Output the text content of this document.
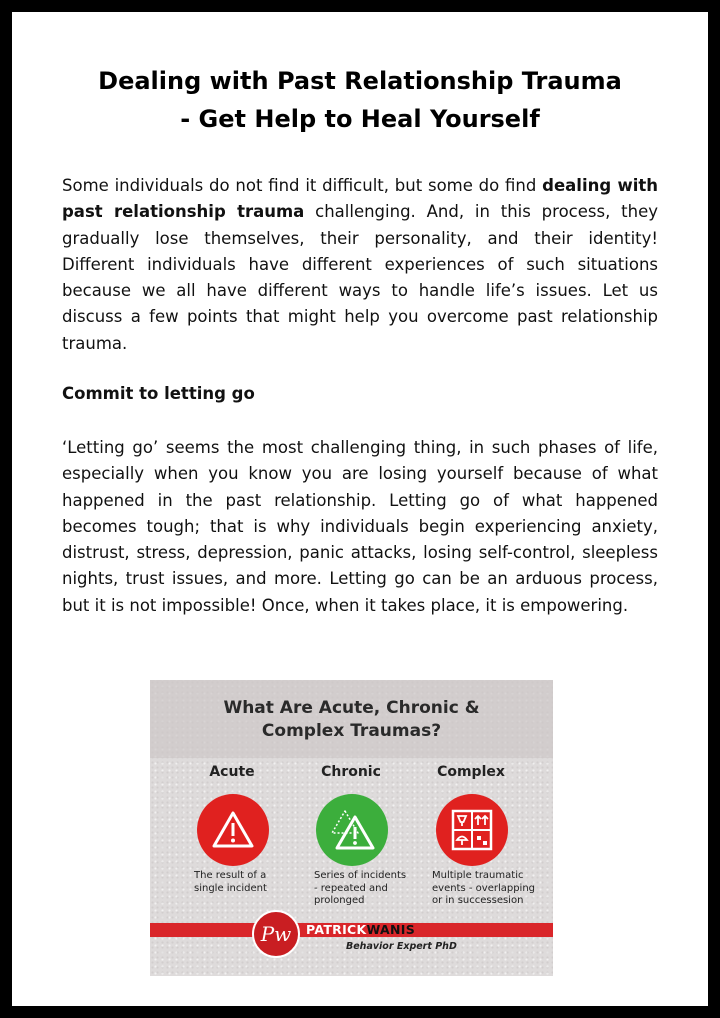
Dealing with Past Relationship Trauma
- Get Help to Heal Yourself

Some individuals do not find it difficult, but some do find dealing with past relationship trauma challenging. And, in this process, they gradually lose themselves, their personality, and their identity! Different individuals have different experiences of such situations because we all have different ways to handle life’s issues. Let us discuss a few points that might help you overcome past relationship trauma.

Commit to letting go

‘Letting go’ seems the most challenging thing, in such phases of life, especially when you know you are losing yourself because of what happened in the past relationship. Letting go of what happened becomes tough; that is why individuals begin experiencing anxiety, distrust, stress, depression, panic attacks, losing self-control, sleepless nights, trust issues, and more. Letting go can be an arduous process, but it is not impossible! Once, when it takes place, it is empowering.

What Are Acute, Chronic &
Complex Traumas?
Acute
The result of a
single incident
Chronic
Series of incidents
- repeated and
prolonged
Complex
Multiple traumatic
events - overlapping
or in successesion
Pw	PATRICKWANIS
Behavior Expert PhD
